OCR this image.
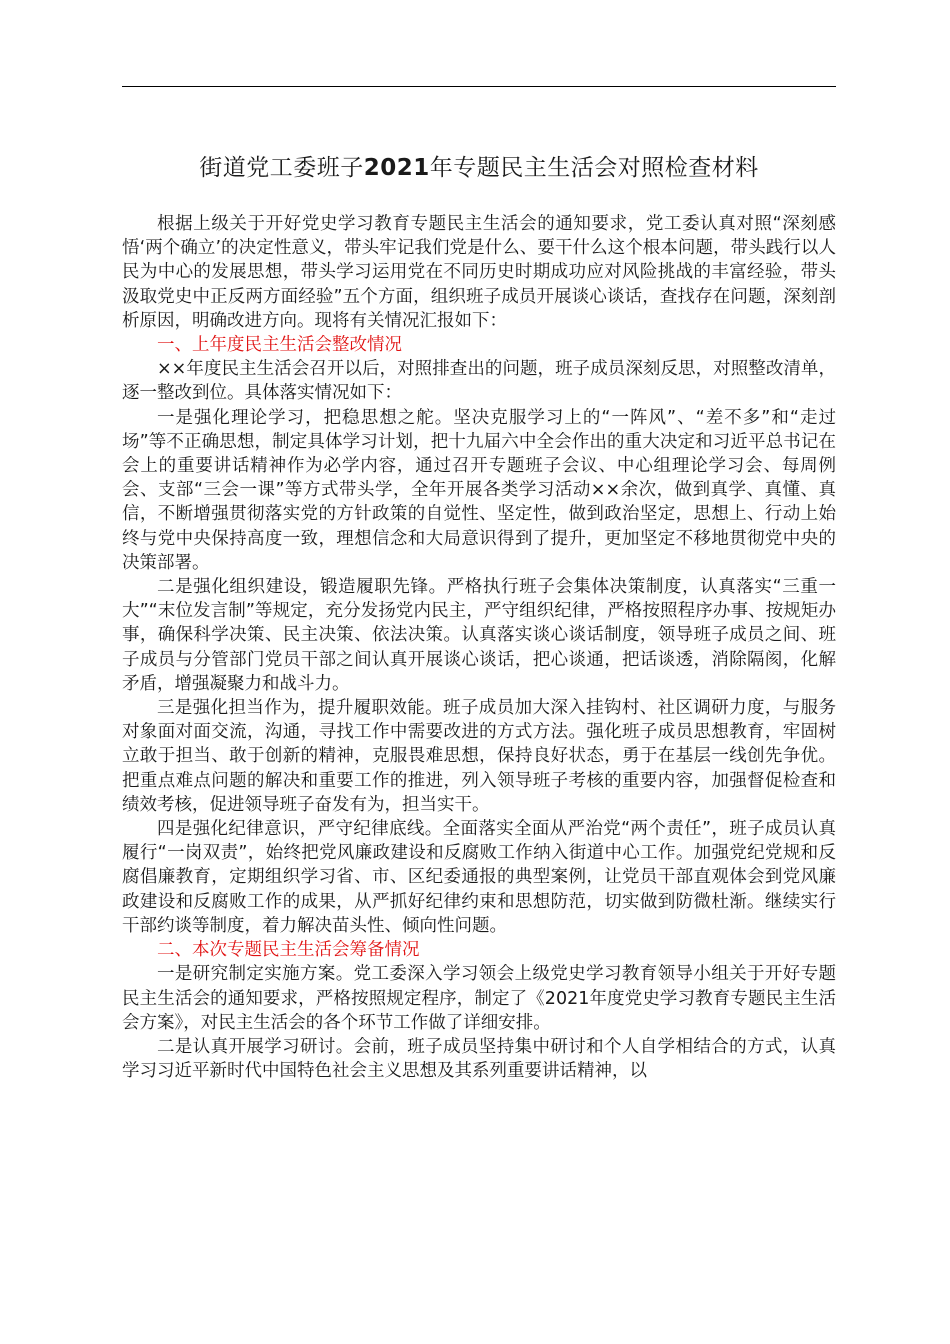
街道党工委班子2021年专题民主生活会对照检查材料

根据上级关于开好党史学习教育专题民主生活会的通知要求，党工委认真对照“深刻感悟‘两个确立’的决定性意义，带头牢记我们党是什么、要干什么这个根本问题，带头践行以人民为中心的发展思想，带头学习运用党在不同历史时期成功应对风险挑战的丰富经验，带头汲取党史中正反两方面经验”五个方面，组织班子成员开展谈心谈话，查找存在问题，深刻剖析原因，明确改进方向。现将有关情况汇报如下：

一、上年度民主生活会整改情况

××年度民主生活会召开以后，对照排查出的问题，班子成员深刻反思，对照整改清单，逐一整改到位。具体落实情况如下：

一是强化理论学习，把稳思想之舵。坚决克服学习上的“一阵风”、“差不多”和“走过场”等不正确思想，制定具体学习计划，把十九届六中全会作出的重大决定和习近平总书记在会上的重要讲话精神作为必学内容，通过召开专题班子会议、中心组理论学习会、每周例会、支部“三会一课”等方式带头学，全年开展各类学习活动××余次，做到真学、真懂、真信，不断增强贯彻落实党的方针政策的自觉性、坚定性，做到政治坚定，思想上、行动上始终与党中央保持高度一致，理想信念和大局意识得到了提升，更加坚定不移地贯彻党中央的决策部署。

二是强化组织建设，锻造履职先锋。严格执行班子会集体决策制度，认真落实“三重一大”“末位发言制”等规定，充分发扬党内民主，严守组织纪律，严格按照程序办事、按规矩办事，确保科学决策、民主决策、依法决策。认真落实谈心谈话制度，领导班子成员之间、班子成员与分管部门党员干部之间认真开展谈心谈话，把心谈通，把话谈透，消除隔阂，化解矛盾，增强凝聚力和战斗力。

三是强化担当作为，提升履职效能。班子成员加大深入挂钩村、社区调研力度，与服务对象面对面交流，沟通，寻找工作中需要改进的方式方法。强化班子成员思想教育，牢固树立敢于担当、敢于创新的精神，克服畏难思想，保持良好状态，勇于在基层一线创先争优。把重点难点问题的解决和重要工作的推进，列入领导班子考核的重要内容，加强督促检查和绩效考核，促进领导班子奋发有为，担当实干。

四是强化纪律意识，严守纪律底线。全面落实全面从严治党“两个责任”，班子成员认真履行“一岗双责”，始终把党风廉政建设和反腐败工作纳入街道中心工作。加强党纪党规和反腐倡廉教育，定期组织学习省、市、区纪委通报的典型案例，让党员干部直观体会到党风廉政建设和反腐败工作的成果，从严抓好纪律约束和思想防范，切实做到防微杜渐。继续实行干部约谈等制度，着力解决苗头性、倾向性问题。

二、本次专题民主生活会筹备情况

一是研究制定实施方案。党工委深入学习领会上级党史学习教育领导小组关于开好专题民主生活会的通知要求，严格按照规定程序，制定了《2021年度党史学习教育专题民主生活会方案》，对民主生活会的各个环节工作做了详细安排。

二是认真开展学习研讨。会前，班子成员坚持集中研讨和个人自学相结合的方式，认真学习习近平新时代中国特色社会主义思想及其系列重要讲话精神，以
